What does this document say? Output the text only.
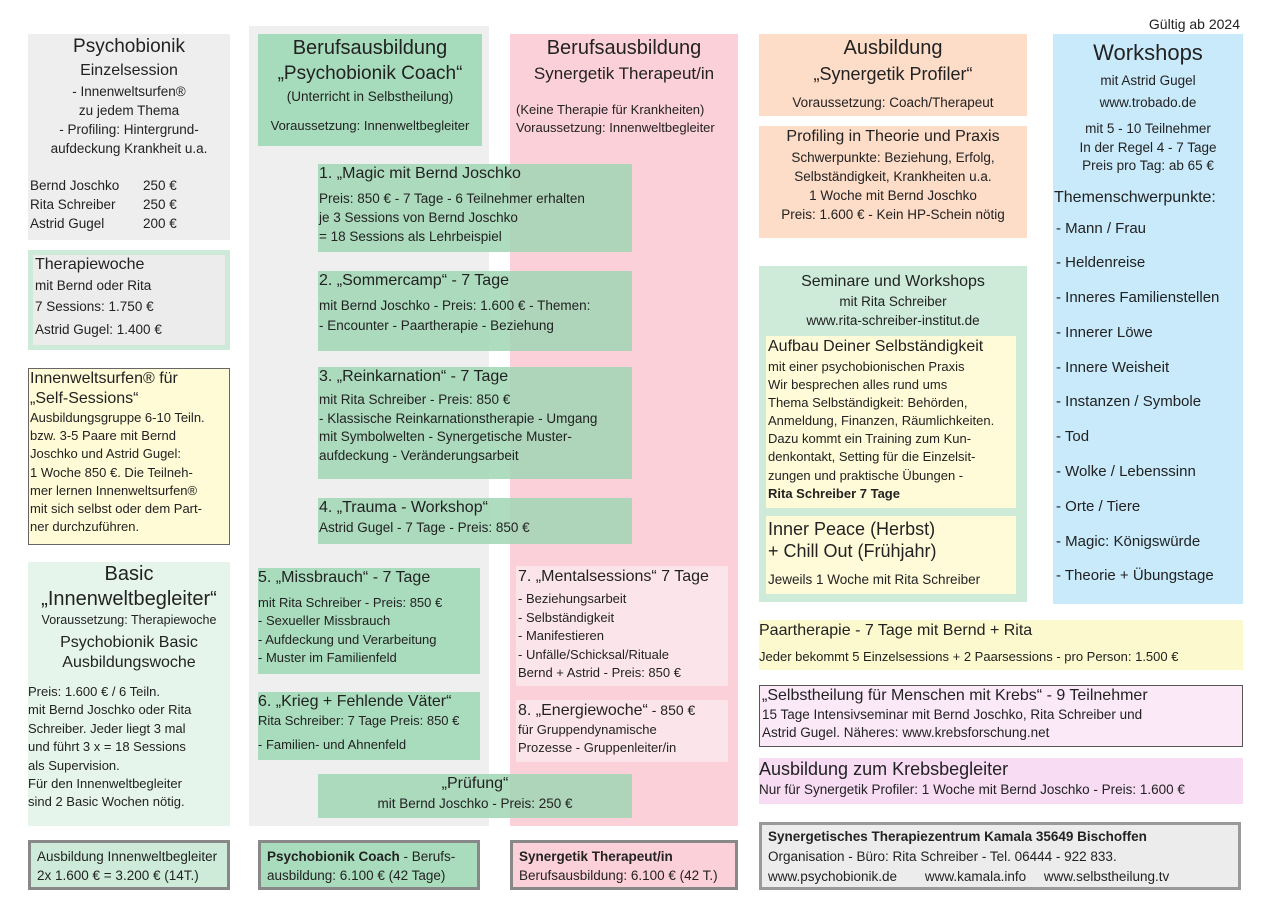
Gültig ab 2024
Psychobionik
Einzelsession
- Innenweltsurfen®
zu jedem Thema
- Profiling: Hintergrund-
aufdeckung Krankheit u.a.
Bernd Joschko 250 €
Rita Schreiber 250 €
Astrid Gugel	200 €
Therapiewoche
mit Bernd oder Rita
7 Sessions: 1.750 €
Astrid Gugel: 1.400 €
Innenweltsurfen® für
„Self-Sessions“
Ausbildungsgruppe 6-10 Teiln.
bzw. 3-5 Paare mit Bernd
Joschko und Astrid Gugel:
1 Woche 850 €. Die Teilneh-
mer lernen Innenweltsurfen®
mit sich selbst oder dem Part-
ner durchzuführen.
Basic
„Innenweltbegleiter“
Voraussetzung: Therapiewoche
Psychobionik Basic
Ausbildungswoche
Preis: 1.600 € / 6 Teiln.
mit Bernd Joschko oder Rita
Schreiber. Jeder liegt 3 mal
und führt 3 x = 18 Sessions
als Supervision.
Für den Innenweltbegleiter
sind 2 Basic Wochen nötig.
Ausbildung Innenweltbegleiter
2x 1.600 € = 3.200 € (14T.)
Berufsausbildung
„Psychobionik Coach“
(Unterricht in Selbstheilung)
Voraussetzung: Innenweltbegleiter
Berufsausbildung
Synergetik Therapeut/in
(Keine Therapie für Krankheiten)
Voraussetzung: Innenweltbegleiter
1. „Magic mit Bernd Joschko
Preis: 850 € - 7 Tage - 6 Teilnehmer erhalten
je 3 Sessions von Bernd Joschko
= 18 Sessions als Lehrbeispiel
2. „Sommercamp“ - 7 Tage
mit Bernd Joschko - Preis: 1.600 € - Themen:
- Encounter - Paartherapie - Beziehung
3. „Reinkarnation“ - 7 Tage
mit Rita Schreiber - Preis: 850 €
- Klassische Reinkarnationstherapie - Umgang
mit Symbolwelten - Synergetische Muster-
aufdeckung - Veränderungsarbeit
4. „Trauma - Workshop“
Astrid Gugel - 7 Tage - Preis: 850 €
5. „Missbrauch“ - 7 Tage
mit Rita Schreiber - Preis: 850 €
- Sexueller Missbrauch
- Aufdeckung und Verarbeitung
- Muster im Familienfeld
6. „Krieg + Fehlende Väter“
Rita Schreiber: 7 Tage Preis: 850 €
- Familien- und Ahnenfeld
7. „Mentalsessions“ 7 Tage
- Beziehungsarbeit
- Selbständigkeit
- Manifestieren
- Unfälle/Schicksal/Rituale
Bernd + Astrid - Preis: 850 €
8. „Energiewoche“ - 850 €
für Gruppendynamische
Prozesse - Gruppenleiter/in
„Prüfung“
mit Bernd Joschko - Preis: 250 €
Psychobionik Coach - Berufs-
ausbildung: 6.100 € (42 Tage)
Synergetik Therapeut/in
Berufsausbildung: 6.100 € (42 T.)
Ausbildung
„Synergetik Profiler“
Voraussetzung: Coach/Therapeut
Profiling in Theorie und Praxis
Schwerpunkte: Beziehung, Erfolg,
Selbständigkeit, Krankheiten u.a.
1 Woche mit Bernd Joschko
Preis: 1.600 € - Kein HP-Schein nötig
Seminare und Workshops
mit Rita Schreiber
www.rita-schreiber-institut.de
Aufbau Deiner Selbständigkeit
mit einer psychobionischen Praxis
Wir besprechen alles rund ums
Thema Selbständigkeit: Behörden,
Anmeldung, Finanzen, Räumlichkeiten.
Dazu kommt ein Training zum Kun-
denkontakt, Setting für die Einzelsit-
zungen und praktische Übungen -
Rita Schreiber 7 Tage
Inner Peace (Herbst)
+ Chill Out (Frühjahr)
Jeweils 1 Woche mit Rita Schreiber
Workshops
mit Astrid Gugel
www.trobado.de
mit 5 - 10 Teilnehmer
In der Regel 4 - 7 Tage
Preis pro Tag: ab 65 €
Themenschwerpunkte:
- Mann / Frau
- Heldenreise
- Inneres Familienstellen
- Innerer Löwe
- Innere Weisheit
- Instanzen / Symbole
- Tod
- Wolke / Lebenssinn
- Orte / Tiere
- Magic: Königswürde
- Theorie + Übungstage
Paartherapie - 7 Tage mit Bernd + Rita
Jeder bekommt 5 Einzelsessions + 2 Paarsessions - pro Person: 1.500 €
„Selbstheilung für Menschen mit Krebs“ - 9 Teilnehmer
15 Tage Intensivseminar mit Bernd Joschko, Rita Schreiber und
Astrid Gugel. Näheres: www.krebsforschung.net
Ausbildung zum Krebsbegleiter
Nur für Synergetik Profiler: 1 Woche mit Bernd Joschko - Preis: 1.600 €
Synergetisches Therapiezentrum Kamala 35649 Bischoffen
Organisation - Büro: Rita Schreiber - Tel. 06444 - 922 833.
www.psychobionik.de www.kamala.info www.selbstheilung.tv
